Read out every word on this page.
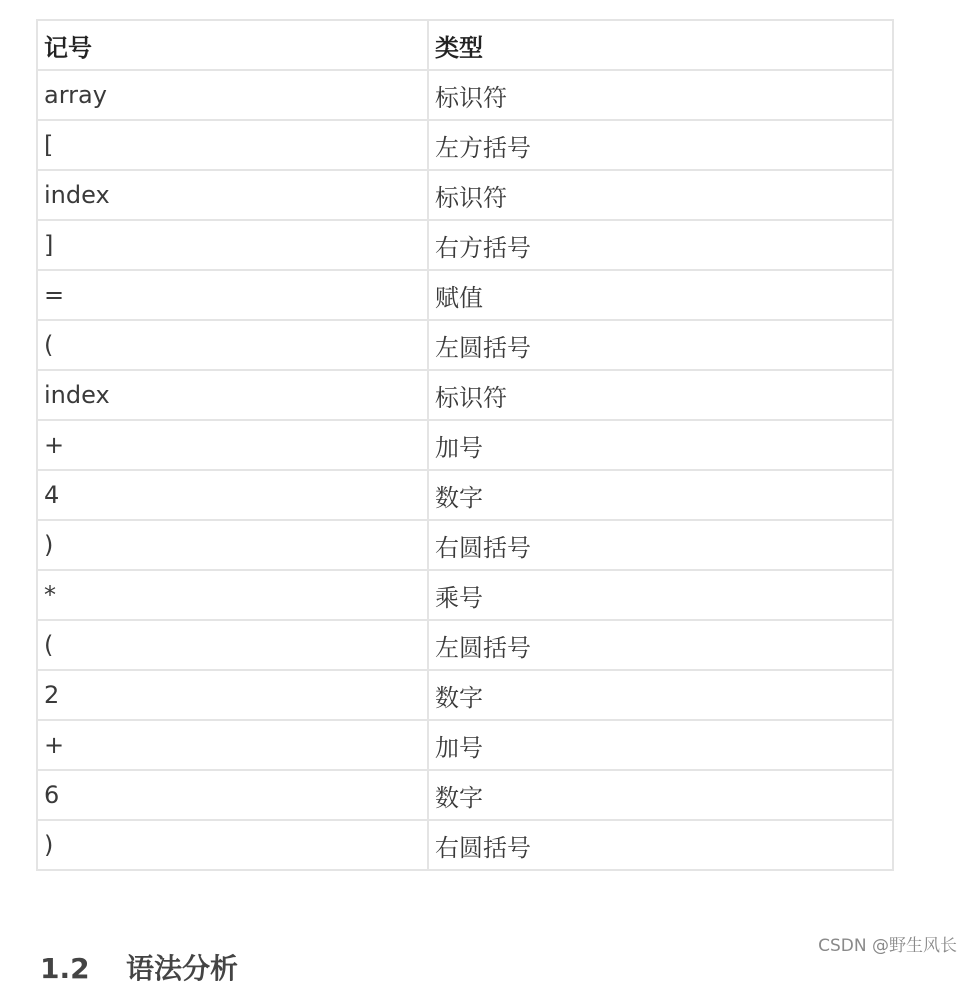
记号	类型
array	标识符
[	左方括号
index	标识符
]	右方括号
=	赋值
(	左圆括号
index	标识符
+	加号
4	数字
)	右圆括号
*	乘号
(	左圆括号
2	数字
+	加号
6	数字
)	右圆括号
1.2 语法分析
CSDN @野生风长
